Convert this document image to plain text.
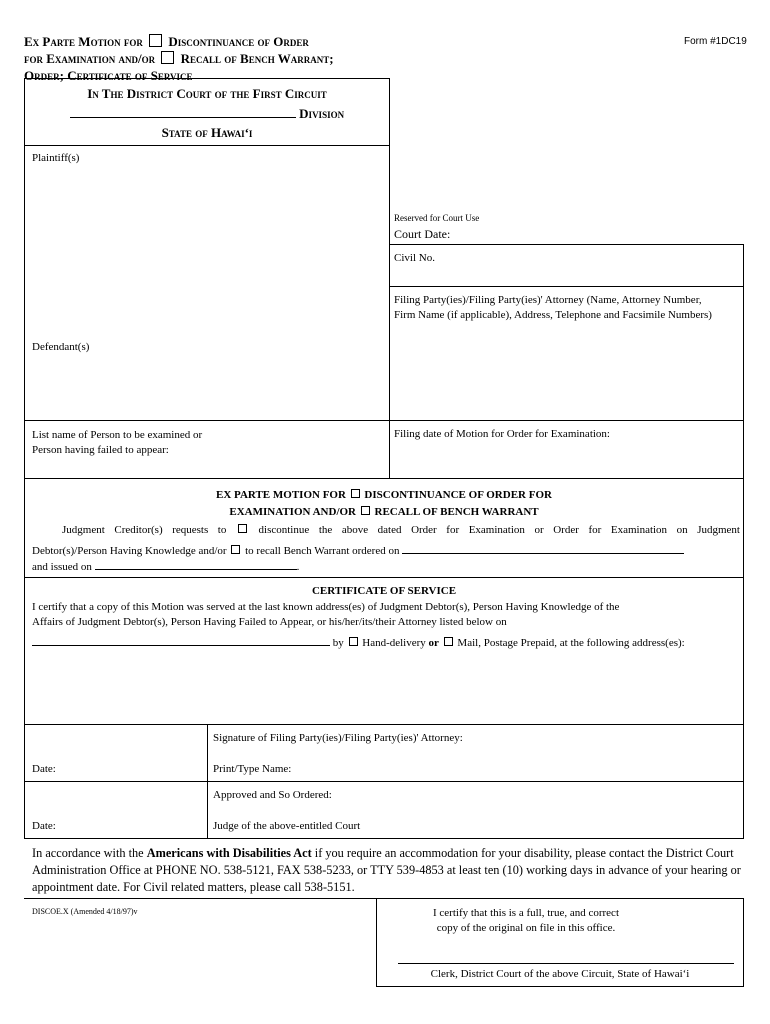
Ex Parte Motion for Discontinuance of Order
for Examination and/or Recall of Bench Warrant;
Order; Certificate of Service
Form #1DC19
In The District Court of the First Circuit
Division
State of Hawai‘i
Plaintiff(s)
Defendant(s)
Reserved for Court Use
Court Date:
Civil No.
Filing Party(ies)/Filing Party(ies)' Attorney (Name, Attorney Number, Firm Name (if applicable), Address, Telephone and Facsimile Numbers)
List name of Person to be examined or
Person having failed to appear:
Filing date of Motion for Order for Examination:
EX PARTE MOTION FOR DISCONTINUANCE OF ORDER FOR
EXAMINATION AND/OR RECALL OF BENCH WARRANT
Judgment Creditor(s) requests to	discontinue the above dated Order for Examination or Order for Examination on Judgment
Debtor(s)/Person Having Knowledge and/or to recall Bench Warrant ordered on
and issued on	.
CERTIFICATE OF SERVICE
I certify that a copy of this Motion was served at the last known address(es) of Judgment Debtor(s), Person Having Knowledge of the
Affairs of Judgment Debtor(s), Person Having Failed to Appear, or his/her/its/their Attorney listed below on
by Hand-delivery or Mail, Postage Prepaid, at the following address(es):
Signature of Filing Party(ies)/Filing Party(ies)' Attorney:
Date:	Print/Type Name:
Approved and So Ordered:
Date:	Judge of the above-entitled Court
In accordance with the Americans with Disabilities Act if you require an accommodation for your disability, please contact the District Court Administration Office at PHONE NO. 538-5121, FAX 538-5233, or TTY 539-4853 at least ten (10) working days in advance of your hearing or appointment date. For Civil related matters, please call 538-5151.
DISCOE.X (Amended 4/18/97)v	I certify that this is a full, true, and correct
copy of the original on file in this office.
Clerk, District Court of the above Circuit, State of Hawai‘i
